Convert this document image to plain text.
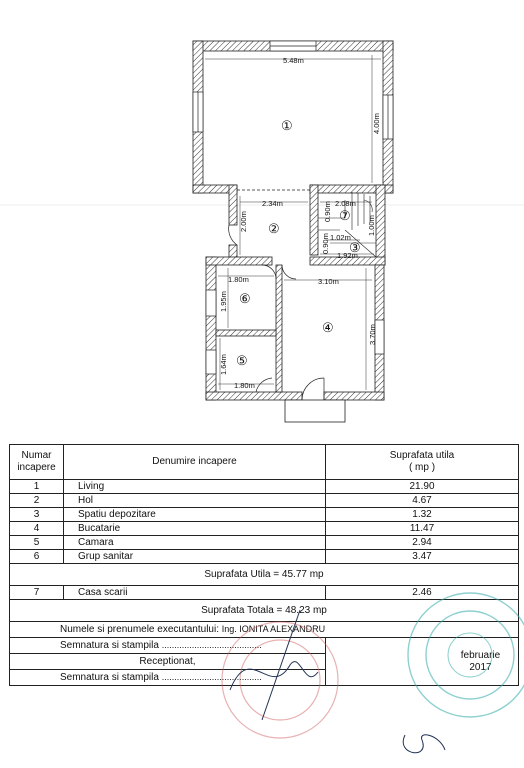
5.48m
4.00m
2.34m	2.08m
0.90m
1.00m
1.02m
0.90m
1.92m
2.00m
1.80m	3.10m
1.95m
3.70m
1.64m
1.80m
①
②
③
④
⑤
⑥
⑦
Numar incapere	Denumire incapere	Suprafata utila
( mp )

1	Living	21.90
2	Hol	4.67
3	Spatiu depozitare	1.32
4	Bucatarie	11.47
5	Camara	2.94
6	Grup sanitar	3.47
Suprafata Utila = 45.77 mp		
7	Casa scarii	2.46
Suprafata Totala = 48.23 mp		
Numele si prenumele executantului: Ing. IONITA ALEXANDRU		
Semnatura si stampila ........................................		februarie
2017

Receptionat,		
Semnatura si stampila ........................................		
